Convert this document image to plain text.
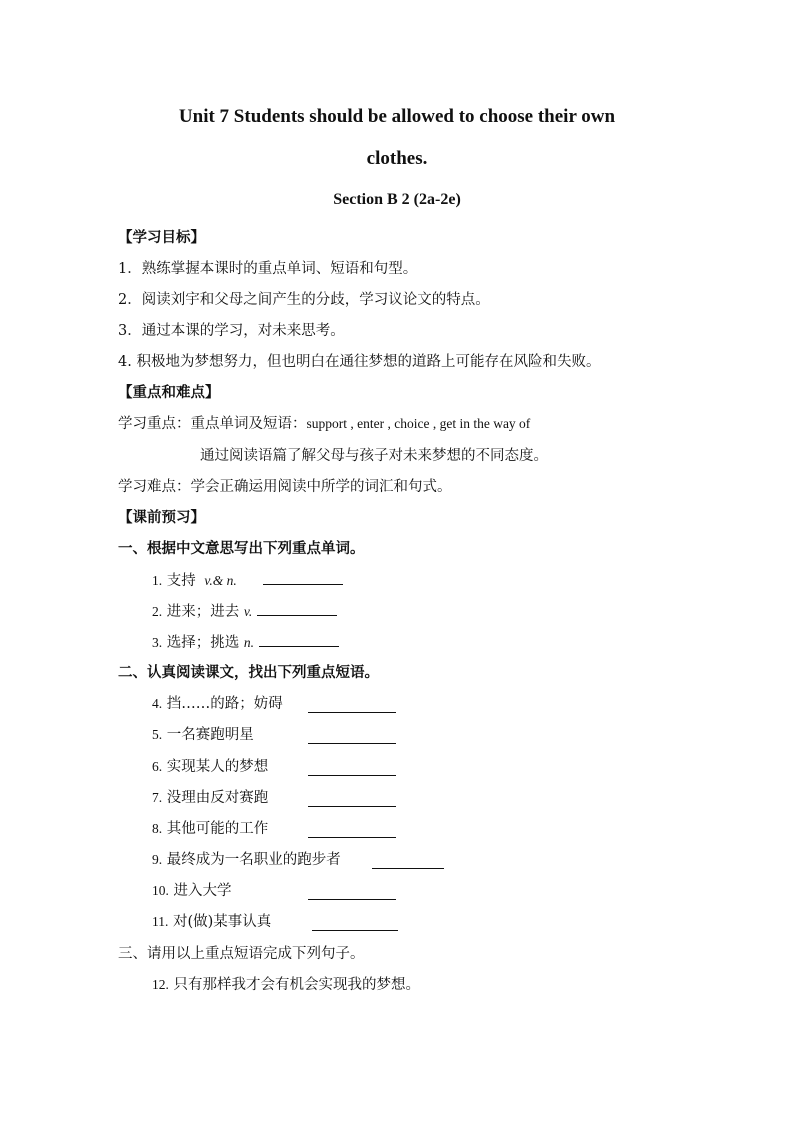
Unit 7 Students should be allowed to choose their own
clothes.
Section B 2 (2a-2e)
【学习目标】
1．熟练掌握本课时的重点单词、短语和句型。
2．阅读刘宇和父母之间产生的分歧，学习议论文的特点。
3．通过本课的学习，对未来思考。
4. 积极地为梦想努力，但也明白在通往梦想的道路上可能存在风险和失败。
【重点和难点】
学习重点：重点单词及短语：support , enter , choice , get in the way of
通过阅读语篇了解父母与孩子对未来梦想的不同态度。
学习难点：学会正确运用阅读中所学的词汇和句式。
【课前预习】
一、根据中文意思写出下列重点单词。
1. 支持 v.& n.
2. 进来；进去 v.
3. 选择；挑选 n.
二、认真阅读课文，找出下列重点短语。
4. 挡……的路；妨碍
5. 一名赛跑明星
6. 实现某人的梦想
7. 没理由反对赛跑
8. 其他可能的工作
9. 最终成为一名职业的跑步者
10. 进入大学
11. 对(做)某事认真
三、请用以上重点短语完成下列句子。
12. 只有那样我才会有机会实现我的梦想。
